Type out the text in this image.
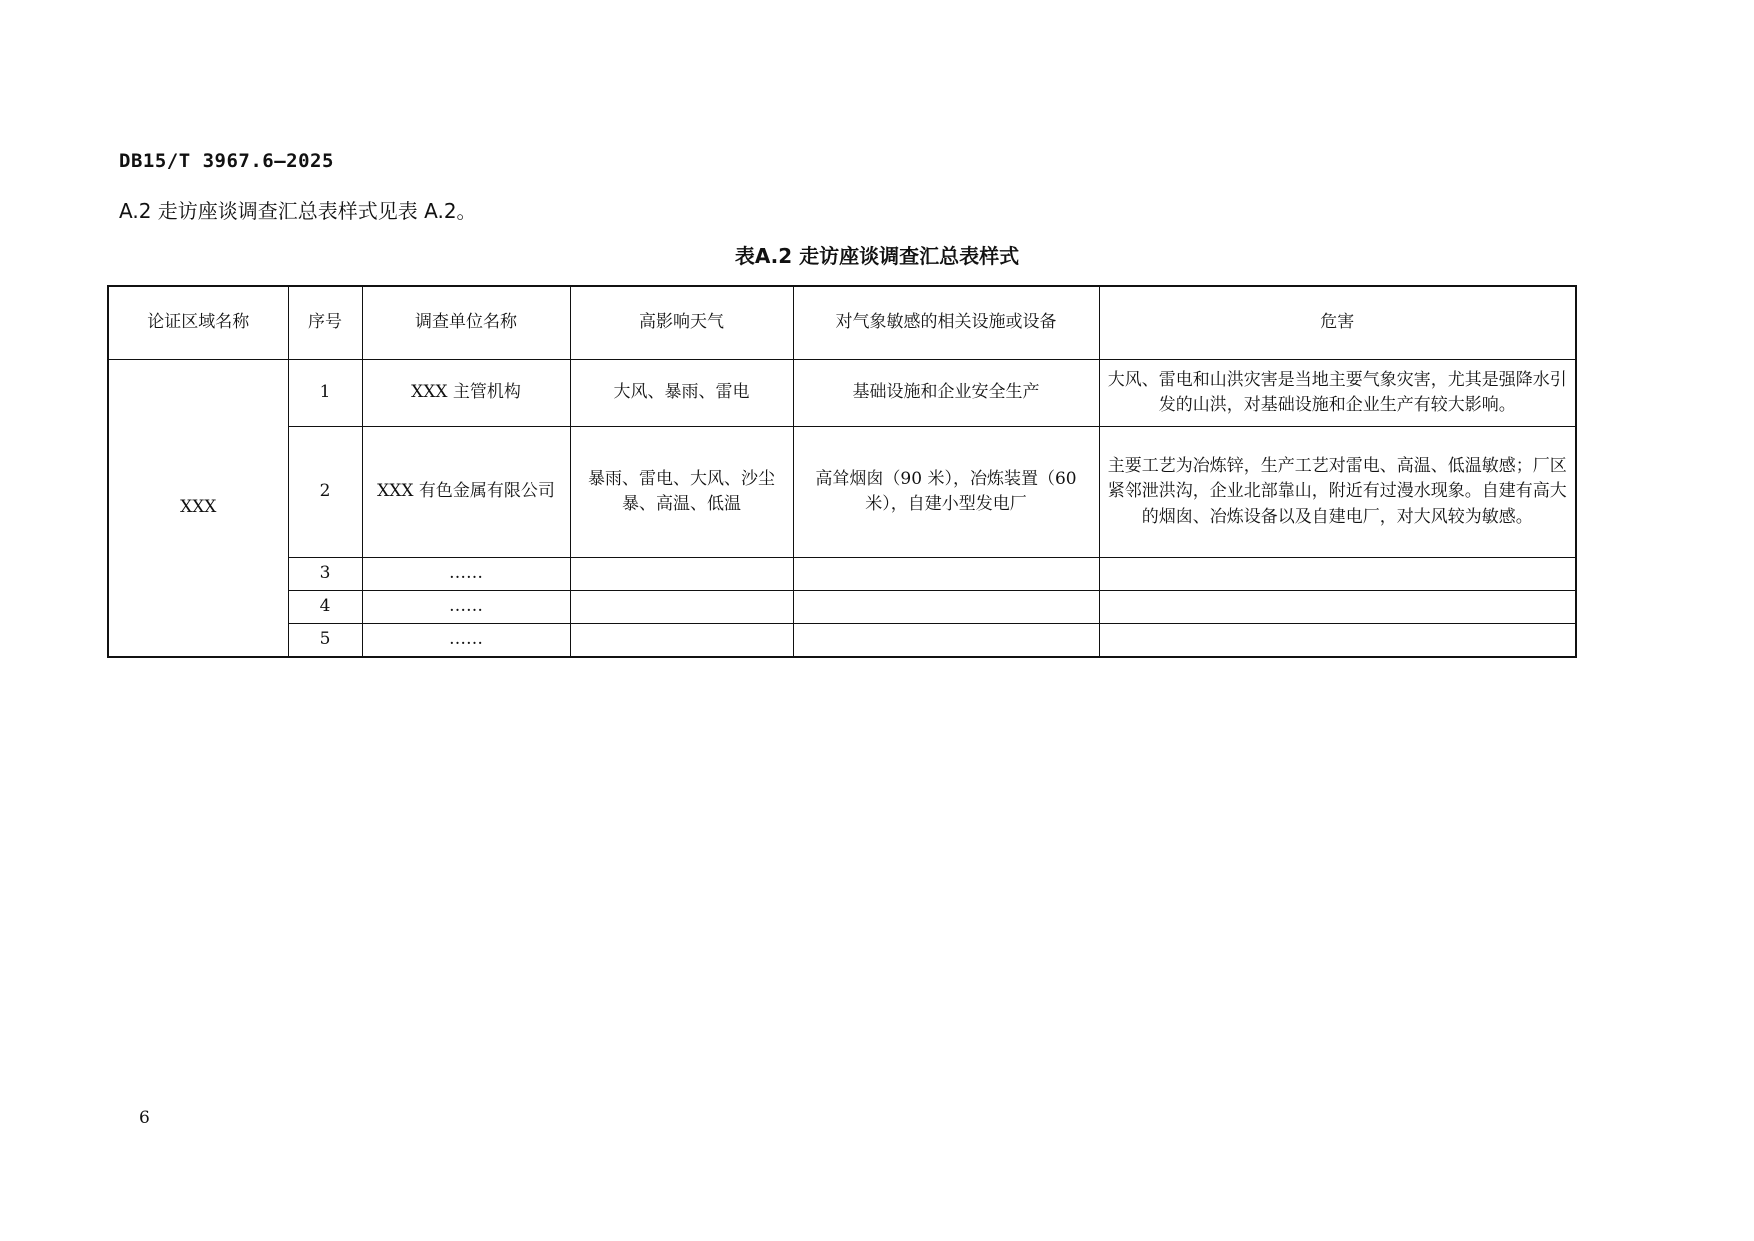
DB15/T 3967.6—2025
A.2 走访座谈调查汇总表样式见表 A.2。
表A.2 走访座谈调查汇总表样式
论证区域名称	序号	调查单位名称	高影响天气	对气象敏感的相关设施或设备	危害
XXX	1	XXX 主管机构	大风、暴雨、雷电	基础设施和企业安全生产	大风、雷电和山洪灾害是当地主要气象灾害，尤其是强降水引发的山洪，对基础设施和企业生产有较大影响。
	2	XXX 有色金属有限公司	暴雨、雷电、大风、沙尘暴、高温、低温	高耸烟囱（90 米），冶炼装置（60 米），自建小型发电厂	主要工艺为冶炼锌，生产工艺对雷电、高温、低温敏感；厂区紧邻泄洪沟，企业北部靠山，附近有过漫水现象。自建有高大的烟囱、冶炼设备以及自建电厂，对大风较为敏感。
	3	……			
	4	……			
	5	……			
6
